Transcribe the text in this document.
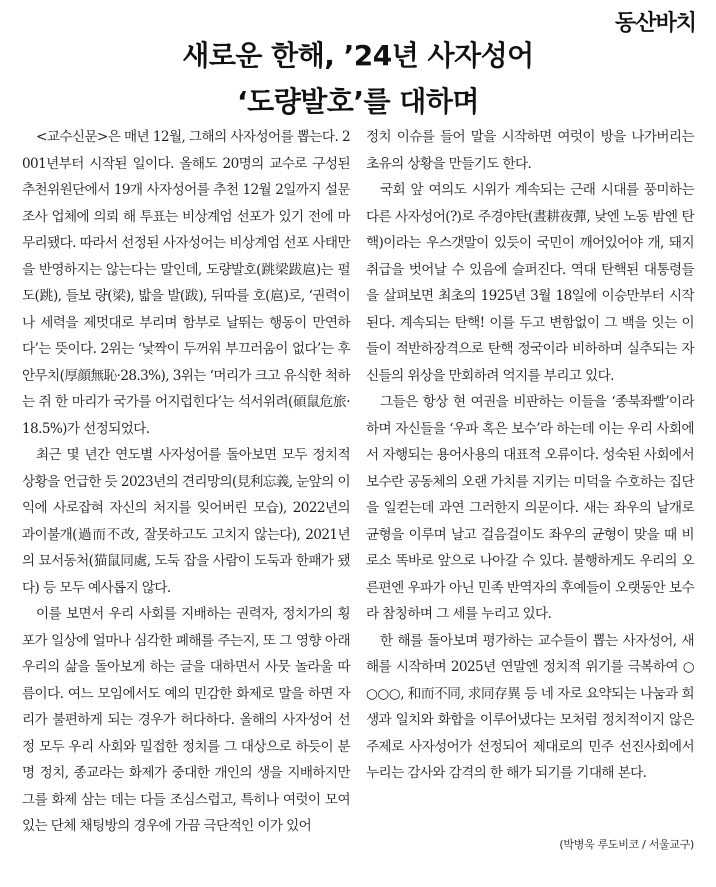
동산바치
새로운 한해, ’24년 사자성어
‘도량발호’를 대하며

<교수신문>은 매년 12월, 그해의 사자성어를 뽑는다. 2001년부터 시작된 일이다. 올해도 20명의 교수로 구성된 추천위원단에서 19개 사자성어를 추천 12월 2일까지 설문조사 업체에 의뢰 해 투표는 비상계엄 선포가 있기 전에 마무리됐다. 따라서 선정된 사자성어는 비상계엄 선포 사태만을 반영하지는 않는다는 말인데, 도량발호(跳梁跋扈)는 펄 도(跳), 들보 량(梁), 밟을 발(跋), 뒤따를 호(扈)로, ‘권력이나 세력을 제멋대로 부리며 함부로 날뛰는 행동이 만연하다’는 뜻이다. 2위는 ‘낯짝이 두꺼워 부끄러움이 없다’는 후안무치(厚顔無恥·28.3%), 3위는 ‘머리가 크고 유식한 척하는 쥐 한 마리가 국가를 어지럽힌다’는 석서위려(碩鼠危旅·18.5%)가 선정되었다.

최근 몇 년간 연도별 사자성어를 돌아보면 모두 정치적 상황을 언급한 듯 2023년의 견리망의(見利忘義, 눈앞의 이익에 사로잡혀 자신의 처지를 잊어버린 모습), 2022년의 과이불개(過而不改, 잘못하고도 고치지 않는다), 2021년의 묘서동처(猫鼠同處, 도둑 잡을 사람이 도둑과 한패가 됐다) 등 모두 예사롭지 않다.

이를 보면서 우리 사회를 지배하는 권력자, 정치가의 횡포가 일상에 얼마나 심각한 폐해를 주는지, 또 그 영향 아래 우리의 삶을 돌아보게 하는 글을 대하면서 사뭇 놀라울 따름이다. 여느 모임에서도 예의 민감한 화제로 말을 하면 자리가 불편하게 되는 경우가 허다하다. 올해의 사자성어 선정 모두 우리 사회와 밀접한 정치를 그 대상으로 하듯이 분명 정치, 종교라는 화제가 중대한 개인의 생을 지배하지만 그를 화제 삼는 데는 다들 조심스럽고, 특히나 여럿이 모여 있는 단체 채팅방의 경우에 가끔 극단적인 이가 있어

정치 이슈를 들어 말을 시작하면 여럿이 방을 나가버리는 초유의 상황을 만들기도 한다.

국회 앞 여의도 시위가 계속되는 근래 시대를 풍미하는 다른 사자성어(?)로 주경야탄(晝耕夜彈, 낮엔 노동 밤엔 탄핵)이라는 우스갯말이 있듯이 국민이 깨어있어야 개, 돼지 취급을 벗어날 수 있음에 슬퍼진다. 역대 탄핵된 대통령들을 살펴보면 최초의 1925년 3월 18일에 이승만부터 시작된다. 계속되는 탄핵! 이를 두고 변함없이 그 백을 잇는 이들이 적반하장격으로 탄핵 정국이라 비하하며 실추되는 자신들의 위상을 만회하려 억지를 부리고 있다.

그들은 항상 현 여권을 비판하는 이들을 ‘종북좌빨’이라 하며 자신들을 ‘우파 혹은 보수’라 하는데 이는 우리 사회에서 자행되는 용어사용의 대표적 오류이다. 성숙된 사회에서 보수란 공동체의 오랜 가치를 지키는 미덕을 수호하는 집단을 일컫는데 과연 그러한지 의문이다. 새는 좌우의 날개로 균형을 이루며 날고 걸음걸이도 좌우의 균형이 맞을 때 비로소 똑바로 앞으로 나아갈 수 있다. 불행하게도 우리의 오른편엔 우파가 아닌 민족 반역자의 후예들이 오랫동안 보수라 참칭하며 그 세를 누리고 있다.

한 해를 돌아보며 평가하는 교수들이 뽑는 사자성어, 새해를 시작하며 2025년 연말엔 정치적 위기를 극복하여 ○○○○, 和而不同, 求同存異 등 네 자로 요약되는 나눔과 희생과 일치와 화합을 이루어냈다는 모처럼 정치적이지 않은 주제로 사자성어가 선정되어 제대로의 민주 선진사회에서 누리는 감사와 감격의 한 해가 되기를 기대해 본다.

(박병욱 루도비코 / 서울교구)
